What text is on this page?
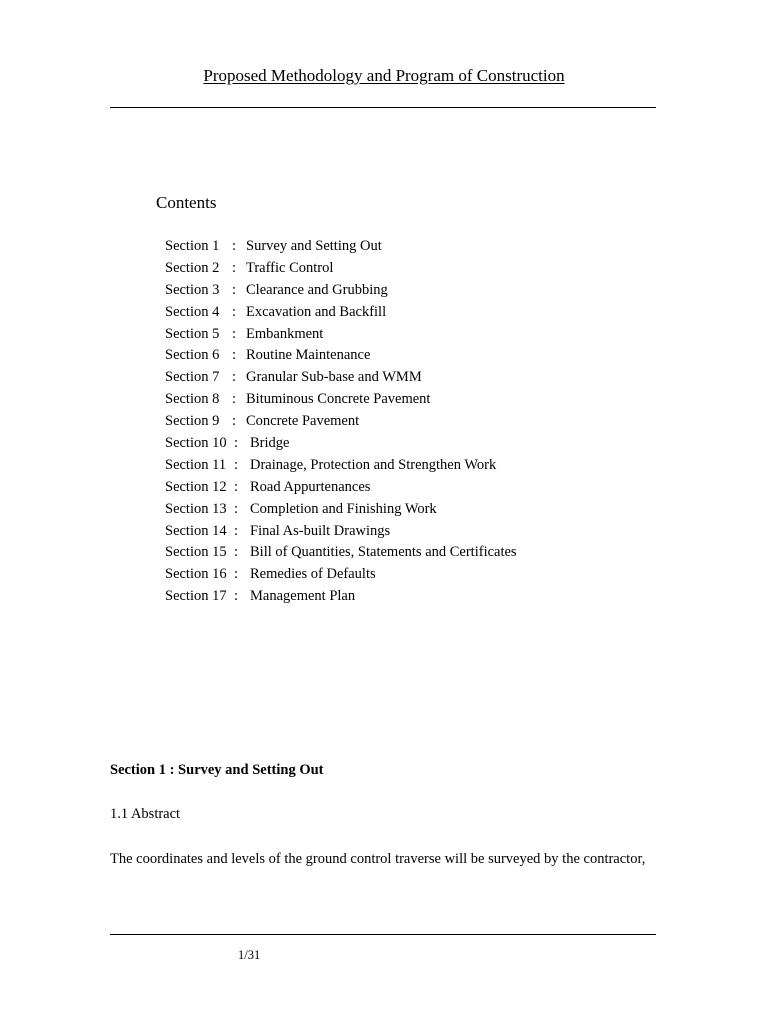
Proposed Methodology and Program of Construction
Contents
Section 1 : Survey and Setting Out
Section 2 : Traffic Control
Section 3 : Clearance and Grubbing
Section 4 : Excavation and Backfill
Section 5 : Embankment
Section 6 : Routine Maintenance
Section 7 : Granular Sub-base and WMM
Section 8 : Bituminous Concrete Pavement
Section 9 : Concrete Pavement
Section 10 : Bridge
Section 11 : Drainage, Protection and Strengthen Work
Section 12 : Road Appurtenances
Section 13 : Completion and Finishing Work
Section 14 : Final As-built Drawings
Section 15 : Bill of Quantities, Statements and Certificates
Section 16 : Remedies of Defaults
Section 17 : Management Plan
Section 1 : Survey and Setting Out
1.1 Abstract
The coordinates and levels of the ground control traverse will be surveyed by the contractor,
1/31
